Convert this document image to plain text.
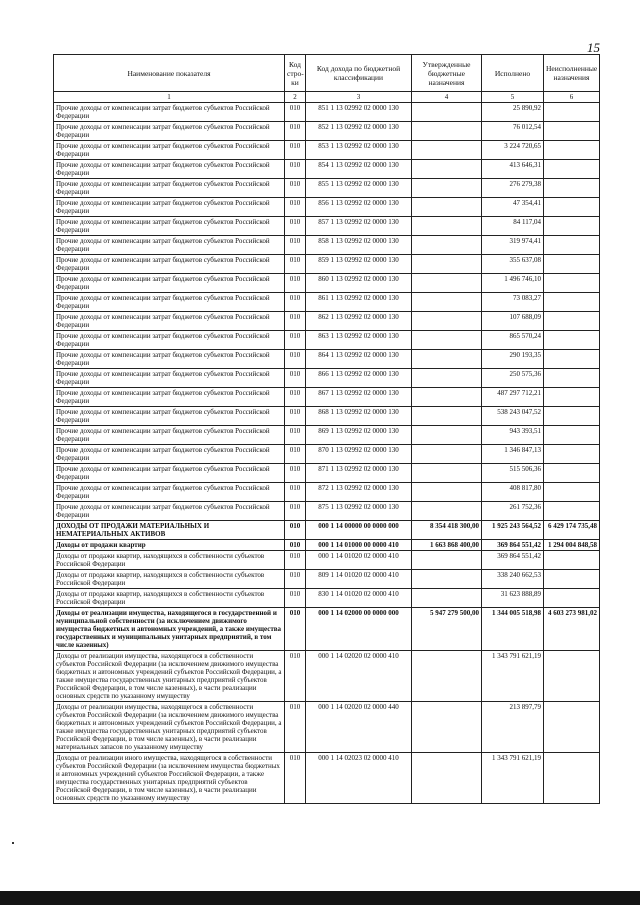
15
Наименование показателя	Код стро- ки	Код дохода по бюджетной классификации	Утвержденные бюджетные назначения	Исполнено	Неисполненные назначения
1	2	3	4	5	6
Прочие доходы от компенсации затрат бюджетов субъектов Российской Федерации	010	851 1 13 02992 02 0000 130		25 890,92	
Прочие доходы от компенсации затрат бюджетов субъектов Российской Федерации	010	852 1 13 02992 02 0000 130		76 012,54	
Прочие доходы от компенсации затрат бюджетов субъектов Российской Федерации	010	853 1 13 02992 02 0000 130		3 224 720,65	
Прочие доходы от компенсации затрат бюджетов субъектов Российской Федерации	010	854 1 13 02992 02 0000 130		413 646,31	
Прочие доходы от компенсации затрат бюджетов субъектов Российской Федерации	010	855 1 13 02992 02 0000 130		276 279,38	
Прочие доходы от компенсации затрат бюджетов субъектов Российской Федерации	010	856 1 13 02992 02 0000 130		47 354,41	
Прочие доходы от компенсации затрат бюджетов субъектов Российской Федерации	010	857 1 13 02992 02 0000 130		84 117,04	
Прочие доходы от компенсации затрат бюджетов субъектов Российской Федерации	010	858 1 13 02992 02 0000 130		319 974,41	
Прочие доходы от компенсации затрат бюджетов субъектов Российской Федерации	010	859 1 13 02992 02 0000 130		355 637,08	
Прочие доходы от компенсации затрат бюджетов субъектов Российской Федерации	010	860 1 13 02992 02 0000 130		1 496 746,10	
Прочие доходы от компенсации затрат бюджетов субъектов Российской Федерации	010	861 1 13 02992 02 0000 130		73 083,27	
Прочие доходы от компенсации затрат бюджетов субъектов Российской Федерации	010	862 1 13 02992 02 0000 130		107 688,09	
Прочие доходы от компенсации затрат бюджетов субъектов Российской Федерации	010	863 1 13 02992 02 0000 130		865 570,24	
Прочие доходы от компенсации затрат бюджетов субъектов Российской Федерации	010	864 1 13 02992 02 0000 130		290 193,35	
Прочие доходы от компенсации затрат бюджетов субъектов Российской Федерации	010	866 1 13 02992 02 0000 130		250 575,36	
Прочие доходы от компенсации затрат бюджетов субъектов Российской Федерации	010	867 1 13 02992 02 0000 130		487 297 712,21	
Прочие доходы от компенсации затрат бюджетов субъектов Российской Федерации	010	868 1 13 02992 02 0000 130		538 243 047,52	
Прочие доходы от компенсации затрат бюджетов субъектов Российской Федерации	010	869 1 13 02992 02 0000 130		943 393,51	
Прочие доходы от компенсации затрат бюджетов субъектов Российской Федерации	010	870 1 13 02992 02 0000 130		1 346 847,13	
Прочие доходы от компенсации затрат бюджетов субъектов Российской Федерации	010	871 1 13 02992 02 0000 130		515 506,36	
Прочие доходы от компенсации затрат бюджетов субъектов Российской Федерации	010	872 1 13 02992 02 0000 130		408 817,80	
Прочие доходы от компенсации затрат бюджетов субъектов Российской Федерации	010	875 1 13 02992 02 0000 130		261 752,36	
ДОХОДЫ ОТ ПРОДАЖИ МАТЕРИАЛЬНЫХ И НЕМАТЕРИАЛЬНЫХ АКТИВОВ	010	000 1 14 00000 00 0000 000	8 354 418 300,00	1 925 243 564,52	6 429 174 735,48
Доходы от продажи квартир	010	000 1 14 01000 00 0000 410	1 663 868 400,00	369 864 551,42	1 294 004 848,58
Доходы от продажи квартир, находящихся в собственности субъектов Российской Федерации	010	000 1 14 01020 02 0000 410		369 864 551,42	
Доходы от продажи квартир, находящихся в собственности субъектов Российской Федерации	010	809 1 14 01020 02 0000 410		338 240 662,53	
Доходы от продажи квартир, находящихся в собственности субъектов Российской Федерации	010	830 1 14 01020 02 0000 410		31 623 888,89	
Доходы от реализации имущества, находящегося в государственной и муниципальной собственности (за исключением движимого имущества бюджетных и автономных учреждений, а также имущества государственных и муниципальных унитарных предприятий, в том числе казенных)	010	000 1 14 02000 00 0000 000	5 947 279 500,00	1 344 005 518,98	4 603 273 981,02
Доходы от реализации имущества, находящегося в собственности субъектов Российской Федерации (за исключением движимого имущества бюджетных и автономных учреждений субъектов Российской Федерации, а также имущества государственных унитарных предприятий субъектов Российской Федерации, в том числе казенных), в части реализации основных средств по указанному имуществу	010	000 1 14 02020 02 0000 410		1 343 791 621,19	
Доходы от реализации имущества, находящегося в собственности субъектов Российской Федерации (за исключением движимого имущества бюджетных и автономных учреждений субъектов Российской Федерации, а также имущества государственных унитарных предприятий субъектов Российской Федерации, в том числе казенных), в части реализации материальных запасов по указанному имуществу	010	000 1 14 02020 02 0000 440		213 897,79	
Доходы от реализации иного имущества, находящегося в собственности субъектов Российской Федерации (за исключением имущества бюджетных и автономных учреждений субъектов Российской Федерации, а также имущества государственных унитарных предприятий субъектов Российской Федерации, в том числе казенных), в части реализации основных средств по указанному имуществу	010	000 1 14 02023 02 0000 410		1 343 791 621,19	
